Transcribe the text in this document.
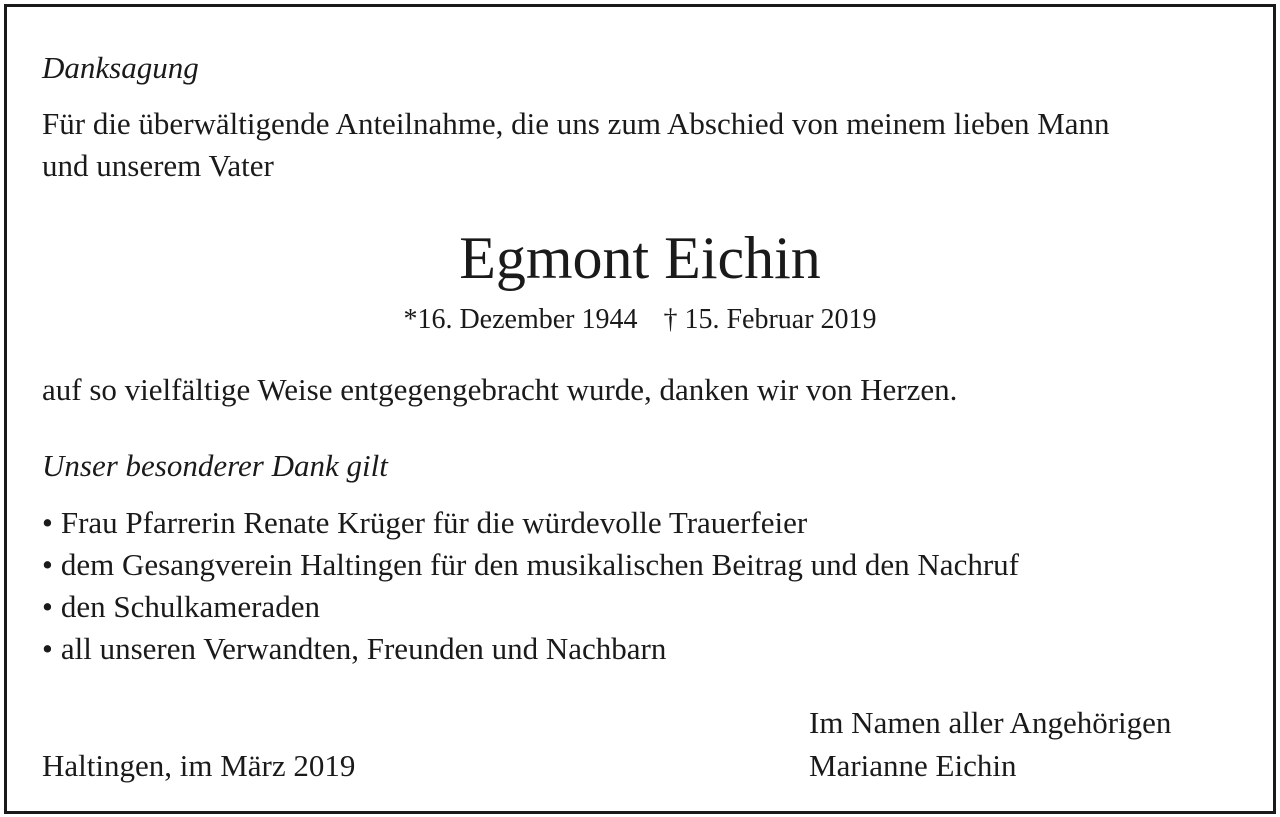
Danksagung
Für die überwältigende Anteilnahme, die uns zum Abschied von meinem lieben Mann
und unserem Vater
Egmont Eichin
*16. Dezember 1944 † 15. Februar 2019
auf so vielfältige Weise entgegengebracht wurde, danken wir von Herzen.
Unser besonderer Dank gilt
• Frau Pfarrerin Renate Krüger für die würdevolle Trauerfeier
• dem Gesangverein Haltingen für den musikalischen Beitrag und den Nachruf
• den Schulkameraden
• all unseren Verwandten, Freunden und Nachbarn
Haltingen, im März 2019
Im Namen aller Angehörigen
Marianne Eichin
